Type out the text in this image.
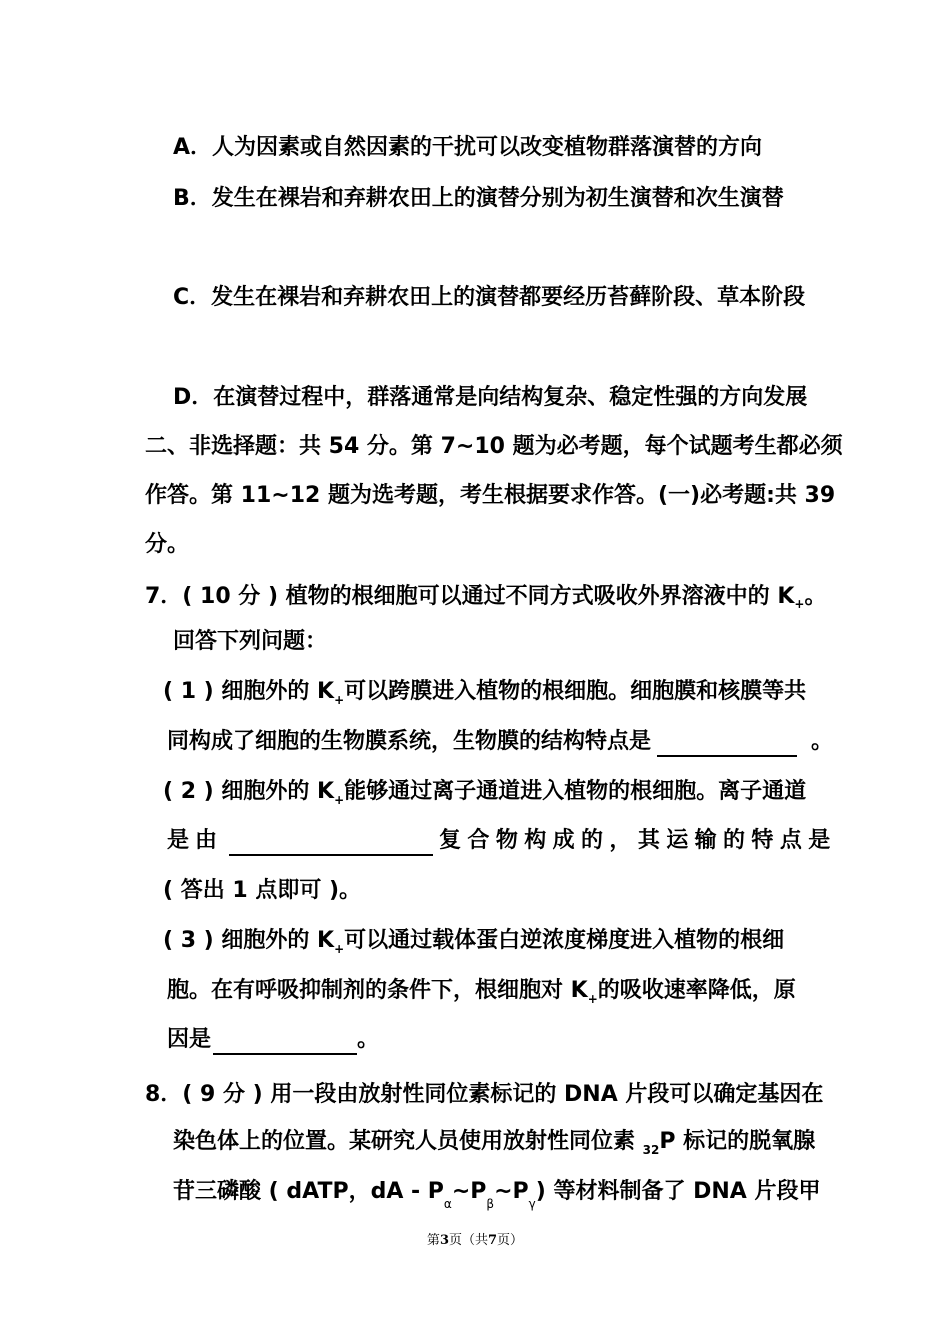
A．人为因素或自然因素的干扰可以改变植物群落演替的方向
B．发生在裸岩和弃耕农田上的演替分别为初生演替和次生演替
C．发生在裸岩和弃耕农田上的演替都要经历苔藓阶段、草本阶段
D．在演替过程中，群落通常是向结构复杂、稳定性强的方向发展
二、非选择题：共 54 分。第 7~10 题为必考题，每个试题考生都必须
作答。第 11~12 题为选考题，考生根据要求作答。(一)必考题:共 39
分。
7．( 10 分 ) 植物的根细胞可以通过不同方式吸收外界溶液中的 $K_+$。
回答下列问题：
( 1 ) 细胞外的 $K_+$可以跨膜进入植物的根细胞。细胞膜和核膜等共
同构成了细胞的生物膜系统，生物膜的结构特点是	。
( 2 ) 细胞外的 $K_+$能够通过离子通道进入植物的根细胞。离子通道
是由	复合物构成的，其运输的特点是
( 答出 1 点即可 )。
( 3 ) 细胞外的 $K_+$可以通过载体蛋白逆浓度梯度进入植物的根细
胞。在有呼吸抑制剂的条件下，根细胞对 $K_+$的吸收速率降低，原
因是	。
8．( 9 分 ) 用一段由放射性同位素标记的 DNA 片段可以确定基因在
染色体上的位置。某研究人员使用放射性同位素 $_{32}$P 标记的脱氧腺
苷三磷酸 ( dATP，dA - $P_\alpha\sim P_\beta\sim P_\gamma$) 等材料制备了 DNA 片段甲
第3页（共7页）
